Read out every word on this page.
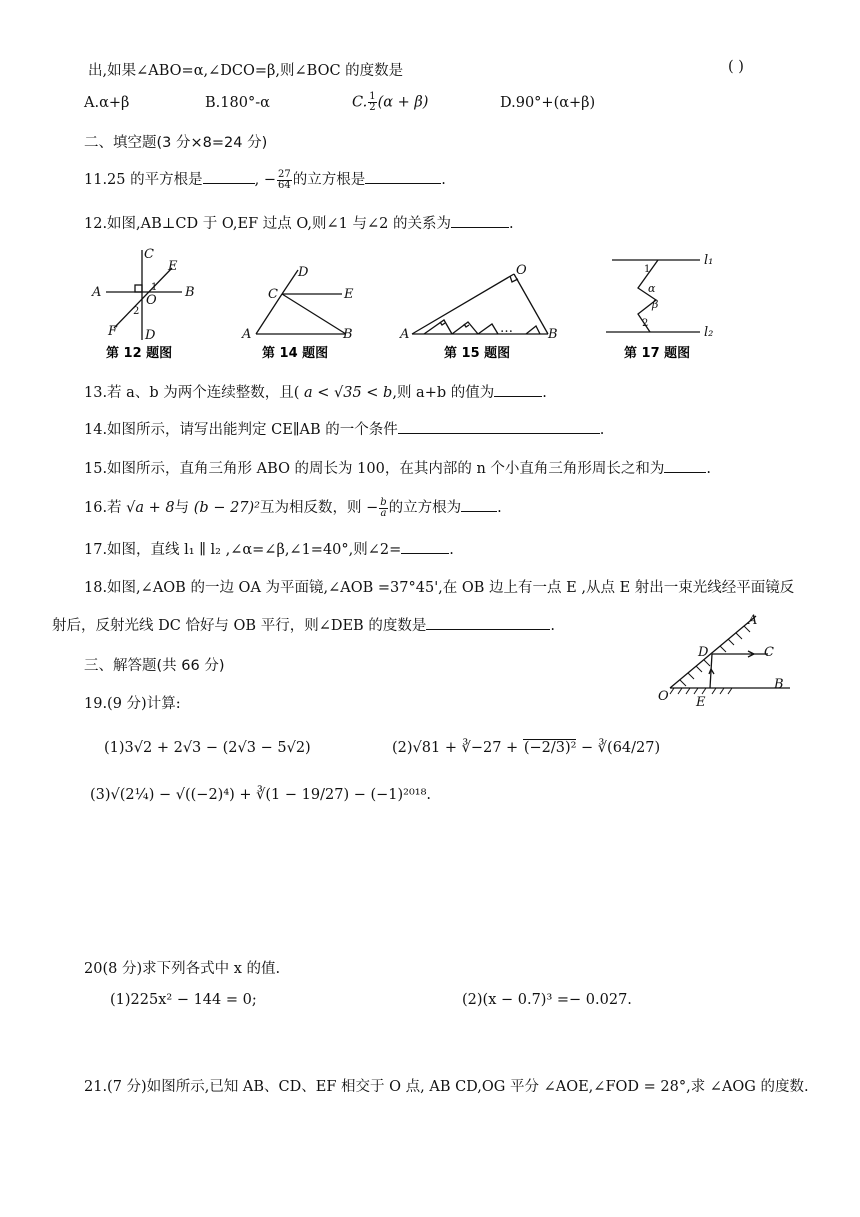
出,如果∠ABO=α,∠DCO=β,则∠BOC 的度数是	( )
A.α+β	B.180°-α	C. $\frac{1}{2} (\alpha + \beta)$	D.90°+(α+β)
二、填空题(3 分×8=24 分)
11.25 的平方根是	, − $\frac{27}{64}$ 的立方根是	.
12.如图,AB⊥CD 于 O,EF 过点 O,则∠1 与∠2 的关系为	.
C
E
A	B
O
1
2
F D
第 12 题图
D
C	E
A	B
第 14 题图
O
A	B
…
第 15 题图
l₁
l₂
1
α
β
2
第 17 题图
13.若 a、b 为两个连续整数，且( a < √35 < b,则 a+b 的值为	.
14.如图所示，请写出能判定 CE∥AB 的一个条件	.
15.如图所示，直角三角形 ABO 的周长为 100，在其内部的 n 个小直角三角形周长之和为	.
16.若 √a + 8与 (b − 27)²互为相反数，则 − $\frac{b}{a}$ 的立方根为 .
17.如图，直线 l₁ ∥ l₂ ,∠α=∠β,∠1=40°,则∠2=	.
18.如图,∠AOB 的一边 OA 为平面镜,∠AOB =37°45',在 OB 边上有一点 E ,从点 E 射出一束光线经平面镜反
射后，反射光线 DC 恰好与 OB 平行，则∠DEB 的度数是	.	A
D	C
B
O E
三、解答题(共 66 分)
19.(9 分)计算:
(1)3√2 + 2√3 − (2√3 − 5√2)	(2)√81 + ∛−27 + (−2/3)² − ∛(64/27)
(3)√(2¼) − √((−2)⁴) + ∛(1 − 19/27) − (−1)²⁰¹⁸.
20(8 分)求下列各式中 x 的值.
(1)225x² − 144 = 0;	(2)(x − 0.7)³ =− 0.027.
21.(7 分)如图所示,已知 AB、CD、EF 相交于 O 点, AB CD,OG 平分 ∠AOE,∠FOD = 28°,求 ∠AOG 的度数.
